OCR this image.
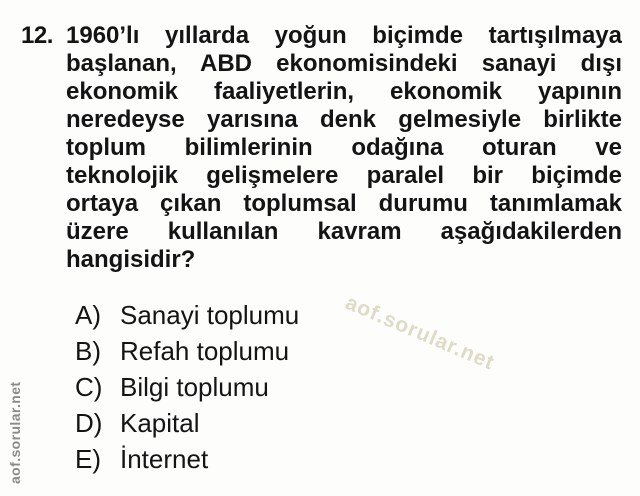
12. 1960’lı yıllarda yoğun biçimde tartışılmaya
başlanan, ABD ekonomisindeki sanayi dışı
ekonomik faaliyetlerin, ekonomik yapının
neredeyse yarısına denk gelmesiyle birlikte
toplum bilimlerinin odağına oturan ve
teknolojik gelişmelere paralel bir biçimde
ortaya çıkan toplumsal durumu tanımlamak
üzere kullanılan kavram aşağıdakilerden
hangisidir?
A) Sanayi toplumu
B) Refah toplumu
C) Bilgi toplumu
D) Kapital
E) İnternet
aof.sorular.net
aof.sorular.net
